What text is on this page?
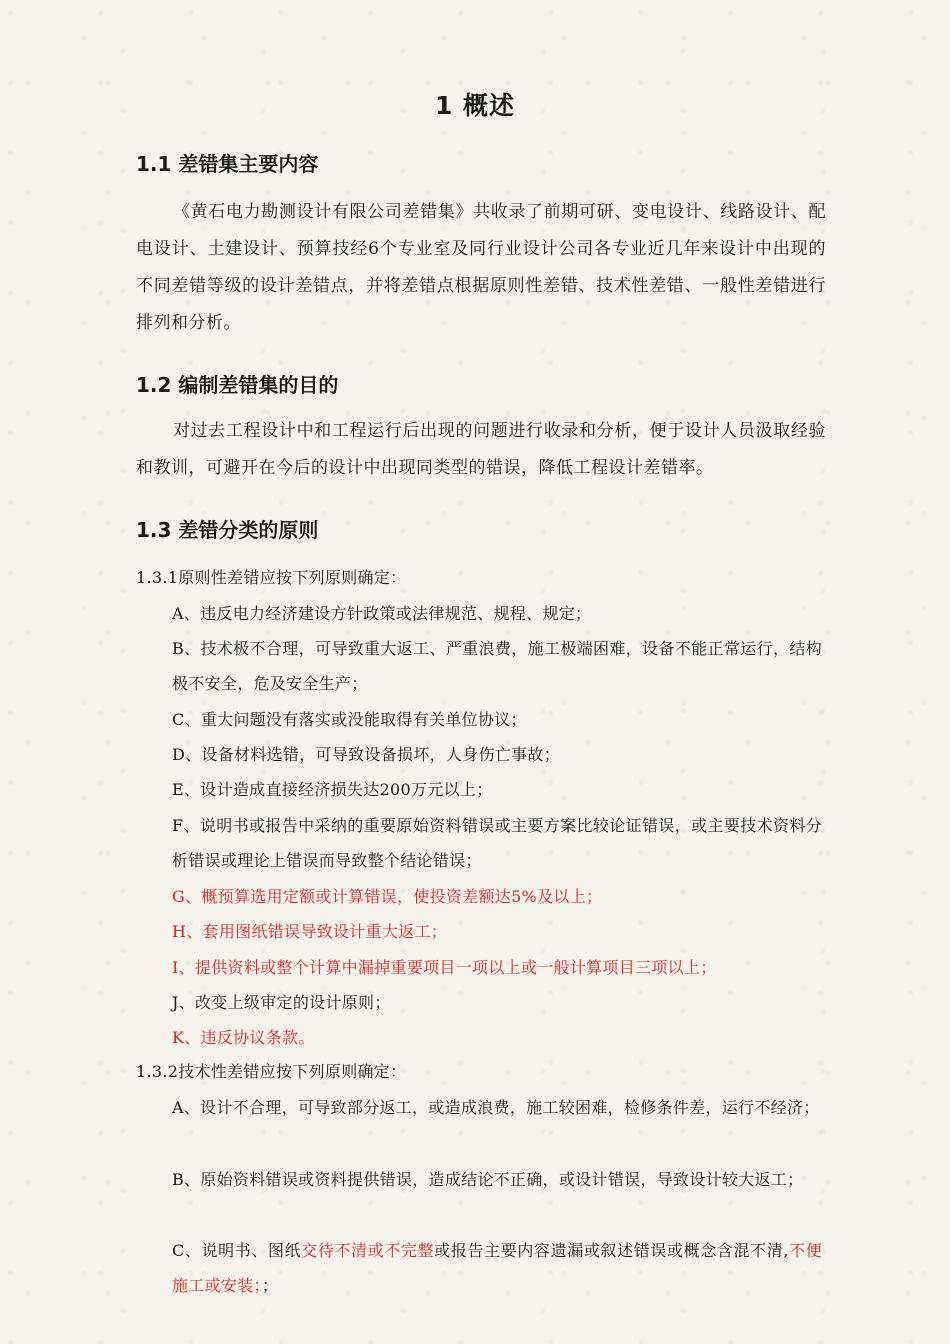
1 概述
1.1 差错集主要内容
《黄石电力勘测设计有限公司差错集》共收录了前期可研、变电设计、线路设计、配电设计、土建设计、预算技经6个专业室及同行业设计公司各专业近几年来设计中出现的不同差错等级的设计差错点，并将差错点根据原则性差错、技术性差错、一般性差错进行排列和分析。
1.2 编制差错集的目的
对过去工程设计中和工程运行后出现的问题进行收录和分析，便于设计人员汲取经验和教训，可避开在今后的设计中出现同类型的错误，降低工程设计差错率。
1.3 差错分类的原则
1.3.1原则性差错应按下列原则确定：
A、违反电力经济建设方针政策或法律规范、规程、规定；
B、技术极不合理，可导致重大返工、严重浪费，施工极端困难，设备不能正常运行，结构极不安全，危及安全生产；
C、重大问题没有落实或没能取得有关单位协议；
D、设备材料选错，可导致设备损坏，人身伤亡事故；
E、设计造成直接经济损失达200万元以上；
F、说明书或报告中采纳的重要原始资料错误或主要方案比较论证错误，或主要技术资料分析错误或理论上错误而导致整个结论错误；
G、概预算选用定额或计算错误，使投资差额达5%及以上；
H、套用图纸错误导致设计重大返工；
I、提供资料或整个计算中漏掉重要项目一项以上或一般计算项目三项以上；
J、改变上级审定的设计原则；
K、违反协议条款。
1.3.2技术性差错应按下列原则确定：
A、设计不合理，可导致部分返工，或造成浪费，施工较困难，检修条件差，运行不经济；
B、原始资料错误或资料提供错误，造成结论不正确，或设计错误，导致设计较大返工；
C、说明书、图纸交待不清或不完整或报告主要内容遗漏或叙述错误或概念含混不清,不便施工或安装；；
